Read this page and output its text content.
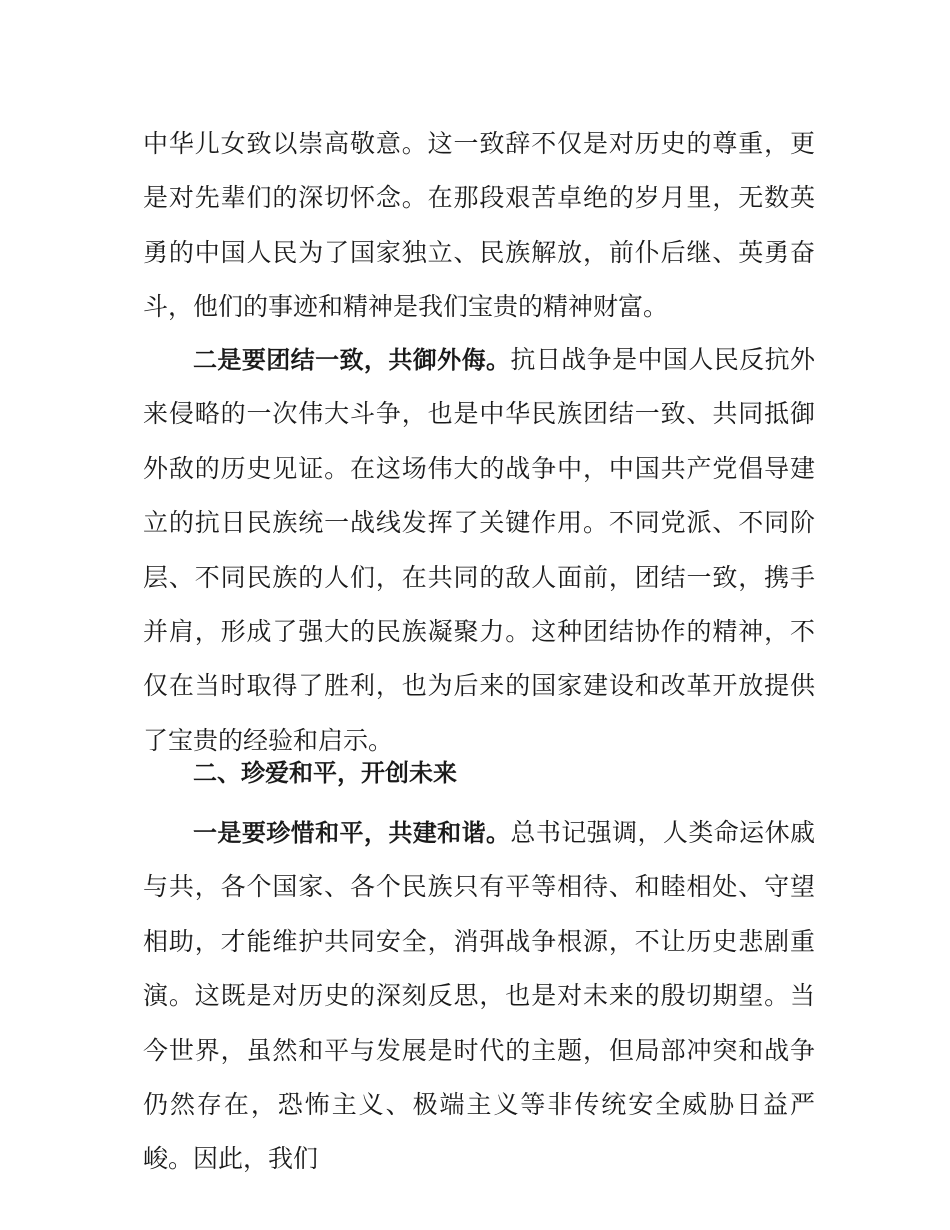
中华儿女致以崇高敬意。这一致辞不仅是对历史的尊重，更是对先辈们的深切怀念。在那段艰苦卓绝的岁月里，无数英勇的中国人民为了国家独立、民族解放，前仆后继、英勇奋斗，他们的事迹和精神是我们宝贵的精神财富。

二是要团结一致，共御外侮。抗日战争是中国人民反抗外来侵略的一次伟大斗争，也是中华民族团结一致、共同抵御外敌的历史见证。在这场伟大的战争中，中国共产党倡导建立的抗日民族统一战线发挥了关键作用。不同党派、不同阶层、不同民族的人们，在共同的敌人面前，团结一致，携手并肩，形成了强大的民族凝聚力。这种团结协作的精神，不仅在当时取得了胜利，也为后来的国家建设和改革开放提供了宝贵的经验和启示。

二、珍爱和平，开创未来

一是要珍惜和平，共建和谐。总书记强调，人类命运休戚与共，各个国家、各个民族只有平等相待、和睦相处、守望相助，才能维护共同安全，消弭战争根源，不让历史悲剧重演。这既是对历史的深刻反思，也是对未来的殷切期望。当今世界，虽然和平与发展是时代的主题，但局部冲突和战争仍然存在，恐怖主义、极端主义等非传统安全威胁日益严峻。因此，我们
